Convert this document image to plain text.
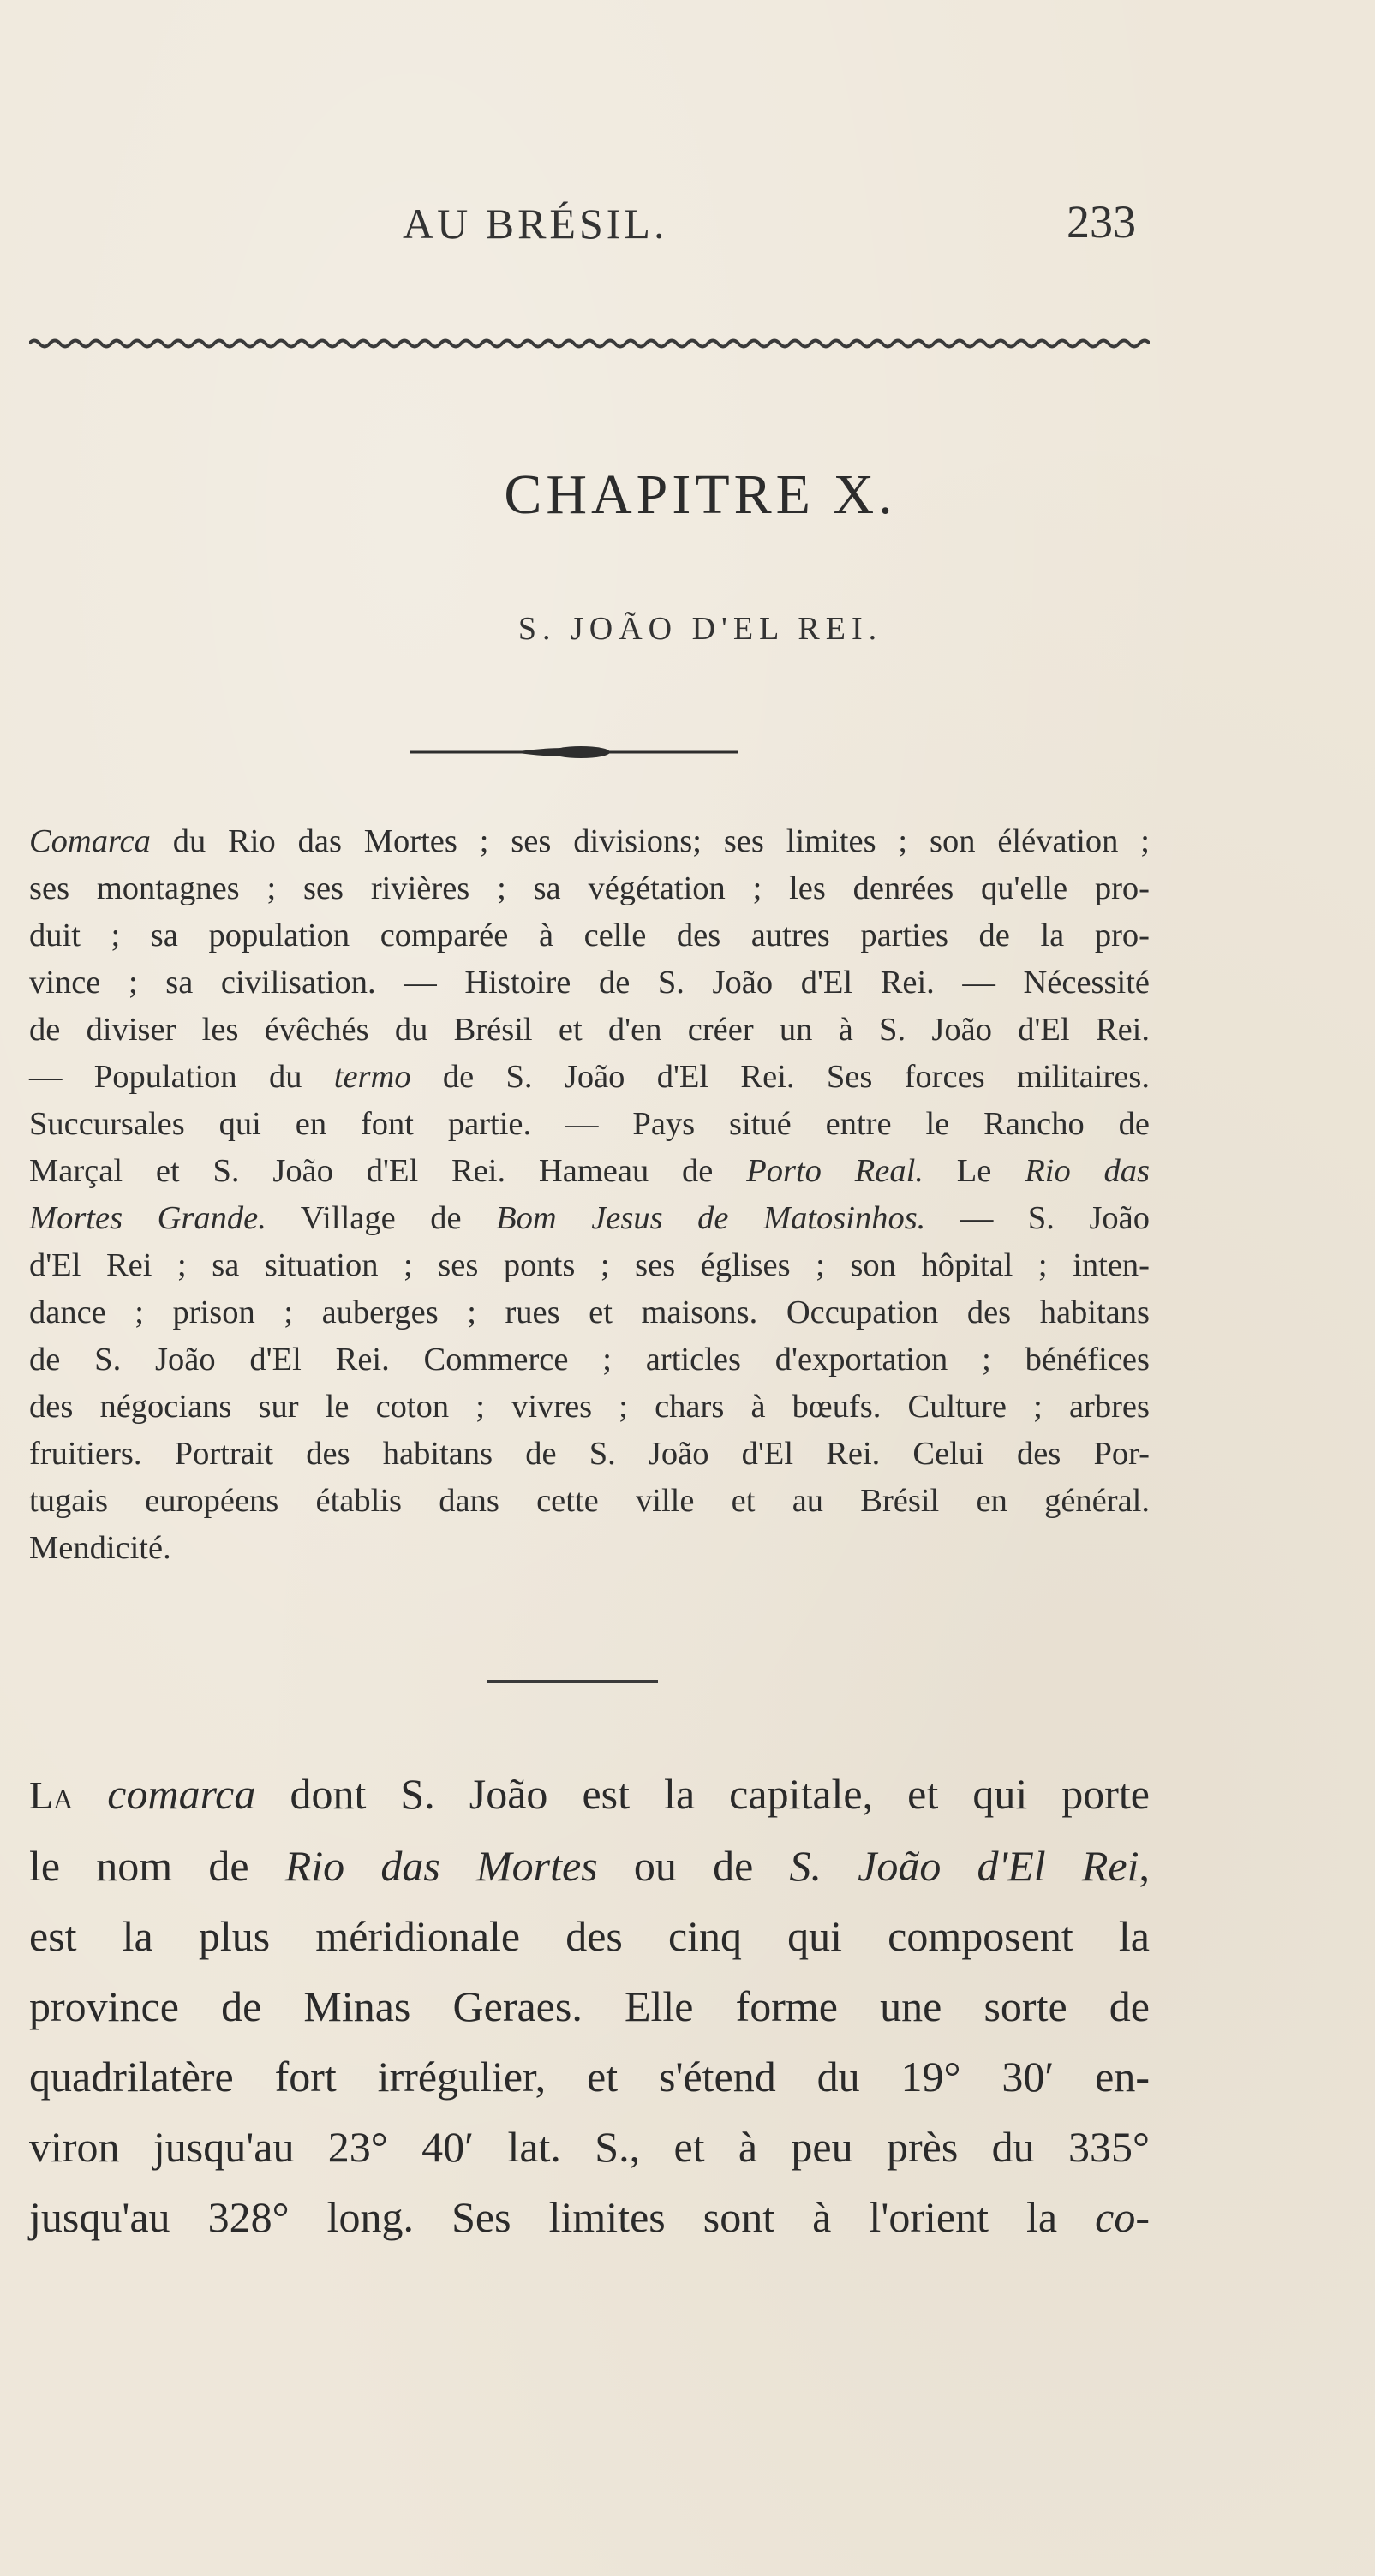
AU BRÉSIL.	233
CHAPITRE X.
S. JOÃO D'EL REI.
Comarca du Rio das Mortes ; ses divisions; ses limites ; son élévation ;
ses montagnes ; ses rivières ; sa végétation ; les denrées qu'elle pro-
duit ; sa population comparée à celle des autres parties de la pro-
vince ; sa civilisation. — Histoire de S. João d'El Rei. — Nécessité
de diviser les évêchés du Brésil et d'en créer un à S. João d'El Rei.
— Population du termo de S. João d'El Rei. Ses forces militaires.
Succursales qui en font partie. — Pays situé entre le Rancho de
Marçal et S. João d'El Rei. Hameau de Porto Real. Le Rio das
Mortes Grande. Village de Bom Jesus de Matosinhos. — S. João
d'El Rei ; sa situation ; ses ponts ; ses églises ; son hôpital ; inten-
dance ; prison ; auberges ; rues et maisons. Occupation des habitans
de S. João d'El Rei. Commerce ; articles d'exportation ; bénéfices
des négocians sur le coton ; vivres ; chars à bœufs. Culture ; arbres
fruitiers. Portrait des habitans de S. João d'El Rei. Celui des Por-
tugais européens établis dans cette ville et au Brésil en général.
Mendicité.
La comarca dont S. João est la capitale, et qui porte
le nom de Rio das Mortes ou de S. João d'El Rei,
est la plus méridionale des cinq qui composent la
province de Minas Geraes. Elle forme une sorte de
quadrilatère fort irrégulier, et s'étend du 19° 30′ en-
viron jusqu'au 23° 40′ lat. S., et à peu près du 335°
jusqu'au 328° long. Ses limites sont à l'orient la co-
